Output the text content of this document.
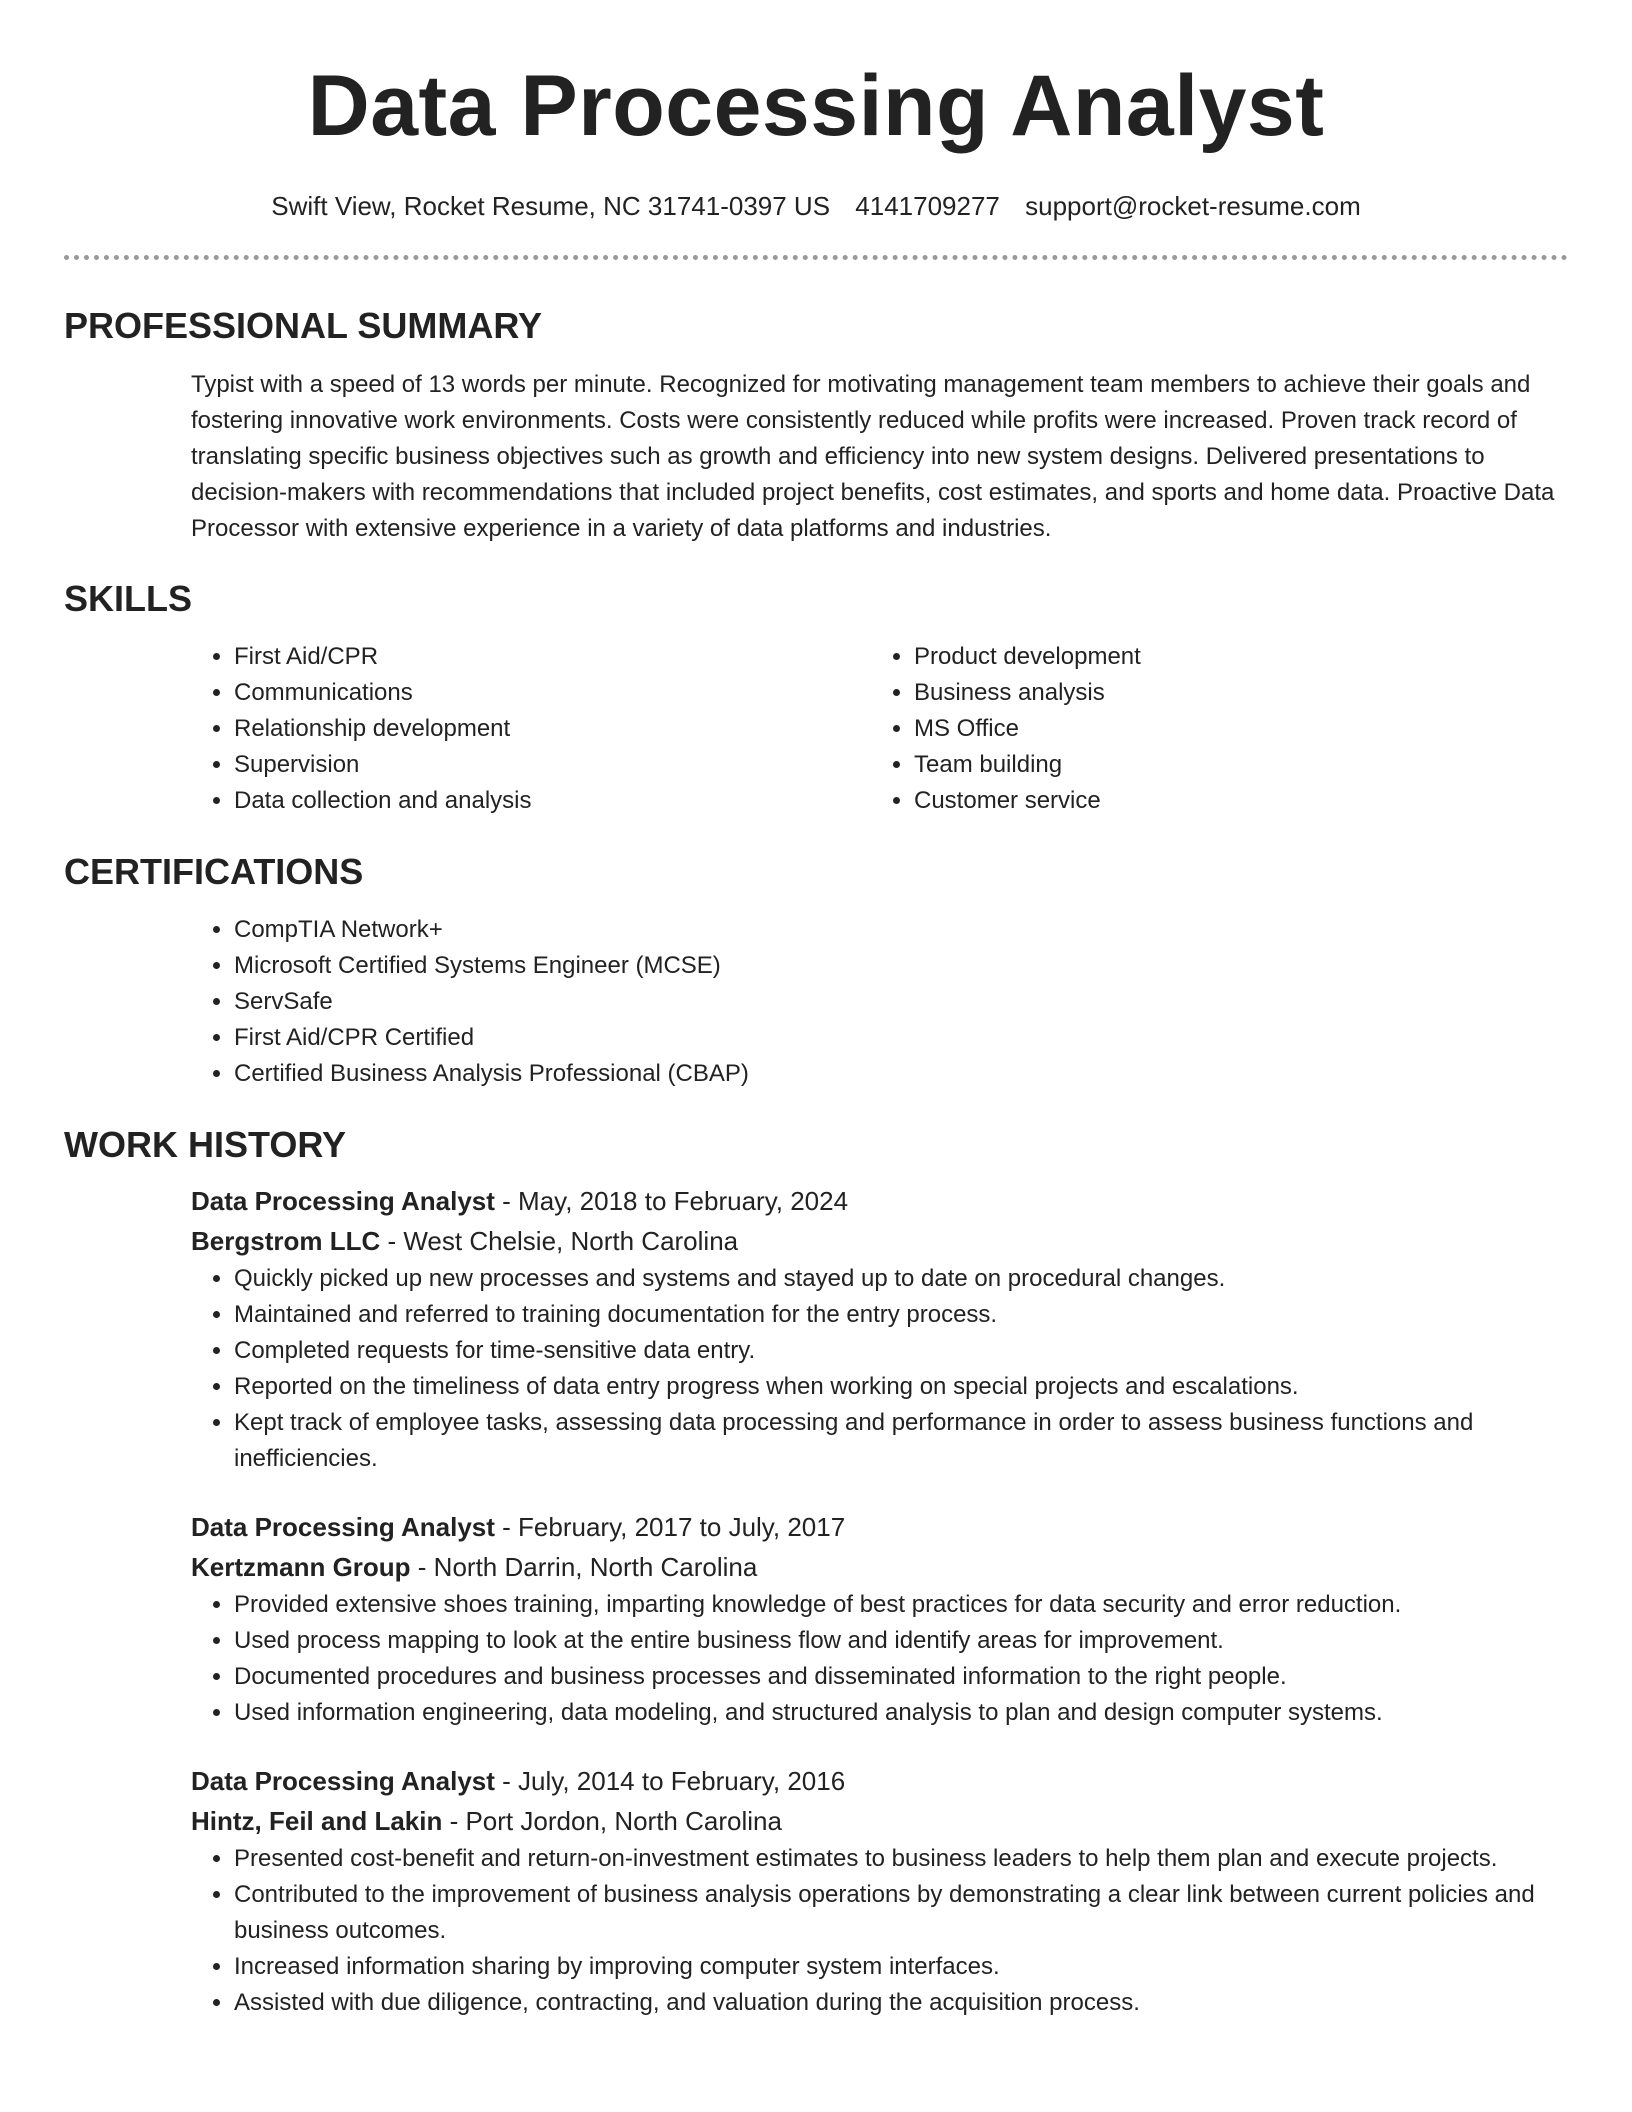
Data Processing Analyst
Swift View, Rocket Resume, NC 31741-0397 US 4141709277 support@rocket-resume.com
PROFESSIONAL SUMMARY

Typist with a speed of 13 words per minute. Recognized for motivating management team members to achieve their goals and fostering innovative work environments. Costs were consistently reduced while profits were increased. Proven track record of translating specific business objectives such as growth and efficiency into new system designs. Delivered presentations to decision-makers with recommendations that included project benefits, cost estimates, and sports and home data. Proactive Data Processor with extensive experience in a variety of data platforms and industries.

SKILLS
• First Aid/CPR
• Communications
• Relationship development
• Supervision
• Data collection and analysis
• Product development
• Business analysis
• MS Office
• Team building
• Customer service
CERTIFICATIONS
• CompTIA Network+
• Microsoft Certified Systems Engineer (MCSE)
• ServSafe
• First Aid/CPR Certified
• Certified Business Analysis Professional (CBAP)
WORK HISTORY

Data Processing Analyst - May, 2018 to February, 2024

Bergstrom LLC - West Chelsie, North Carolina

• Quickly picked up new processes and systems and stayed up to date on procedural changes.
• Maintained and referred to training documentation for the entry process.
• Completed requests for time-sensitive data entry.
• Reported on the timeliness of data entry progress when working on special projects and escalations.
• Kept track of employee tasks, assessing data processing and performance in order to assess business functions and inefficiencies.

Data Processing Analyst - February, 2017 to July, 2017

Kertzmann Group - North Darrin, North Carolina

• Provided extensive shoes training, imparting knowledge of best practices for data security and error reduction.
• Used process mapping to look at the entire business flow and identify areas for improvement.
• Documented procedures and business processes and disseminated information to the right people.
• Used information engineering, data modeling, and structured analysis to plan and design computer systems.

Data Processing Analyst - July, 2014 to February, 2016

Hintz, Feil and Lakin - Port Jordon, North Carolina

• Presented cost-benefit and return-on-investment estimates to business leaders to help them plan and execute projects.
• Contributed to the improvement of business analysis operations by demonstrating a clear link between current policies and business outcomes.
• Increased information sharing by improving computer system interfaces.
• Assisted with due diligence, contracting, and valuation during the acquisition process.
